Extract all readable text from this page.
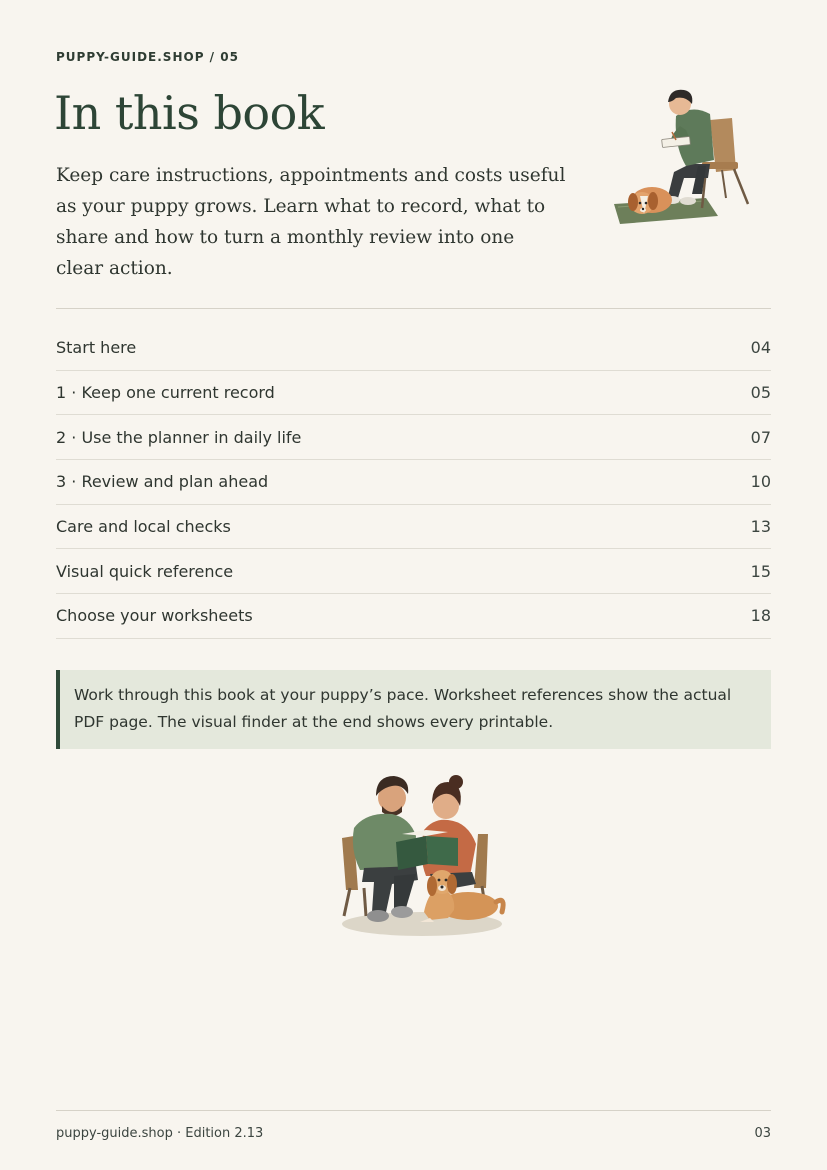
PUPPY-GUIDE.SHOP / 05
In this book

Keep care instructions, appointments and costs useful as your puppy grows. Learn what to record, what to share and how to turn a monthly review into one clear action.

Start here	04
1 · Keep one current record	05
2 · Use the planner in daily life	07
3 · Review and plan ahead	10
Care and local checks	13
Visual quick reference	15
Choose your worksheets	18
Work through this book at your puppy’s pace. Worksheet references show the actual PDF page. The visual finder at the end shows every printable.
puppy-guide.shop · Edition 2.13	03
